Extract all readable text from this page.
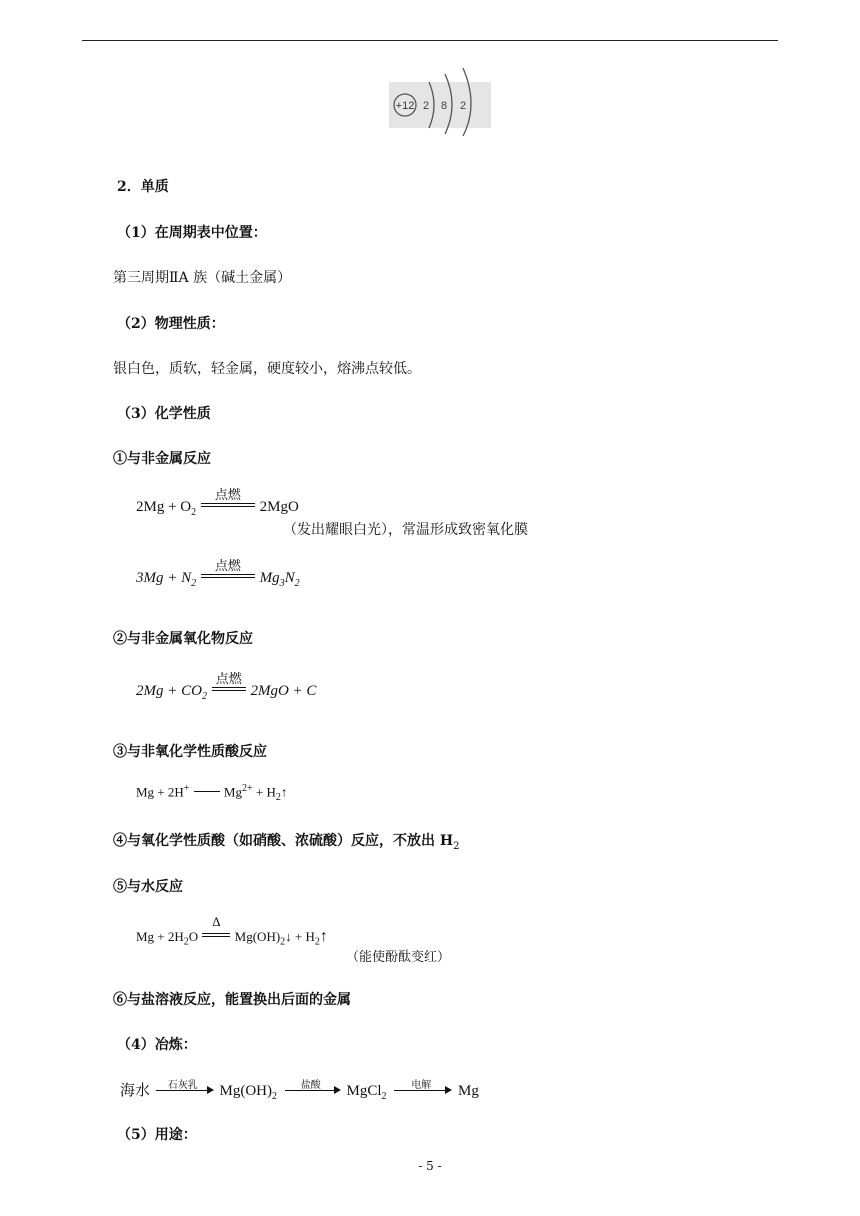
+12 2 8 2
2．单质
（1）在周期表中位置：
第三周期ⅡA 族（碱土金属）
（2）物理性质：
银白色，质软，轻金属，硬度较小，熔沸点较低。
（3）化学性质
①与非金属反应
$2Mg + O_2$
点燃
2MgO
（发出耀眼白光），常温形成致密氧化膜
$3Mg + N_2$
点燃
$Mg_3N_2$
②与非金属氧化物反应
$2Mg + CO_2$
点燃
2MgO + C
③与非氧化学性质酸反应
Mg + 2H+	$Mg^{2+}$ + $H_2↑$
④与氧化学性质酸（如硝酸、浓硫酸）反应，不放出 $H_2$
⑤与水反应
$Mg + 2H_2O$
Δ
$Mg(OH)_2↓$ + $H_2↑$
（能使酚酞变红）
⑥与盐溶液反应，能置换出后面的金属
（4）冶炼：
海水	石灰乳	$Mg(OH)_2$
盐酸	MgCl$_2$
电解	Mg
（5）用途：
- 5 -
